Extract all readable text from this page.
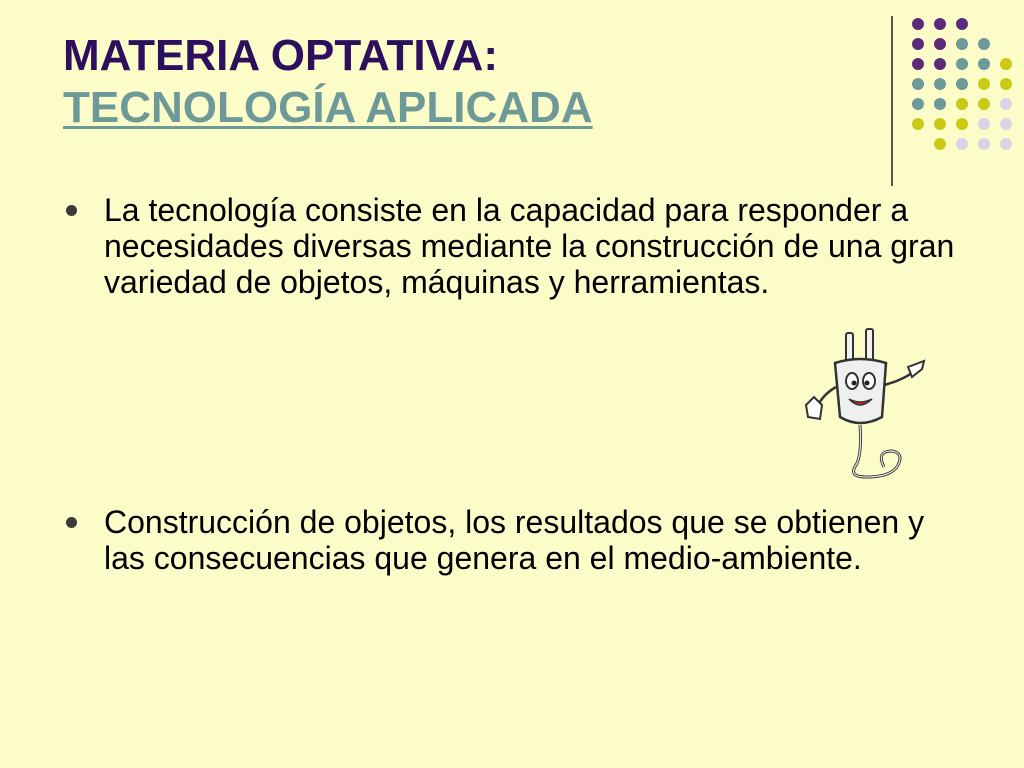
MATERIA OPTATIVA:
TECNOLOGÍA APLICADA
La tecnología consiste en la capacidad para responder a necesidades diversas mediante la construcción de una gran variedad de objetos, máquinas y herramientas.
Construcción de objetos, los resultados que se obtienen y las consecuencias que genera en el medio-ambiente.
